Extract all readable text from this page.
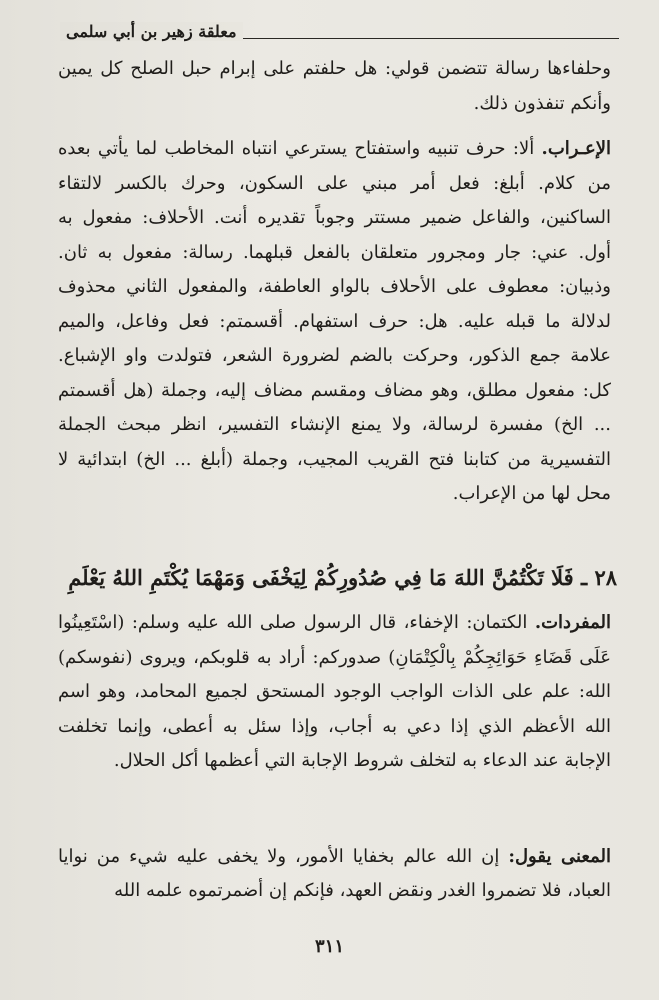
معلقة زهير بن أبي سلمى

وحلفاءها رسالة تتضمن قولي: هل حلفتم على إبرام حبل الصلح كل يمين وأنكم تنفذون ذلك.

الإعـراب. ألا: حرف تنبيه واستفتاح يسترعي انتباه المخاطب لما يأتي بعده من كلام. أبلغ: فعل أمر مبني على السكون، وحرك بالكسر لالتقاء الساكنين، والفاعل ضمير مستتر وجوباً تقديره أنت. الأحلاف: مفعول به أول. عني: جار ومجرور متعلقان بالفعل قبلهما. رسالة: مفعول به ثان. وذبيان: معطوف على الأحلاف بالواو العاطفة، والمفعول الثاني محذوف لدلالة ما قبله عليه. هل: حرف استفهام. أقسمتم: فعل وفاعل، والميم علامة جمع الذكور، وحركت بالضم لضرورة الشعر، فتولدت واو الإشباع. كل: مفعول مطلق، وهو مضاف ومقسم مضاف إليه، وجملة (هل أقسمتم ... الخ) مفسرة لرسالة، ولا يمنع الإنشاء التفسير، انظر مبحث الجملة التفسيرية من كتابنا فتح القريب المجيب، وجملة (أبلغ ... الخ) ابتدائية لا محل لها من الإعراب.

٢٨ ـ فَلَا تَكْتُمُنَّ اللهَ مَا فِي صُدُورِكُمْ لِيَخْفَى وَمَهْمَا يُكْتَمِ اللهُ يَعْلَمِ

المفردات. الكتمان: الإخفاء، قال الرسول صلى الله عليه وسلم: (اسْتَعِينُوا عَلَى قَضَاءِ حَوَائِجِكُمْ بِالْكِتْمَانِ) صدوركم: أراد به قلوبكم، ويروى (نفوسكم) الله: علم على الذات الواجب الوجود المستحق لجميع المحامد، وهو اسم الله الأعظم الذي إذا دعي به أجاب، وإذا سئل به أعطى، وإنما تخلفت الإجابة عند الدعاء به لتخلف شروط الإجابة التي أعظمها أكل الحلال.

المعنى يقول: إن الله عالم بخفايا الأمور، ولا يخفى عليه شيء من نوايا العباد، فلا تضمروا الغدر ونقض العهد، فإنكم إن أضمرتموه علمه الله

٣١١
